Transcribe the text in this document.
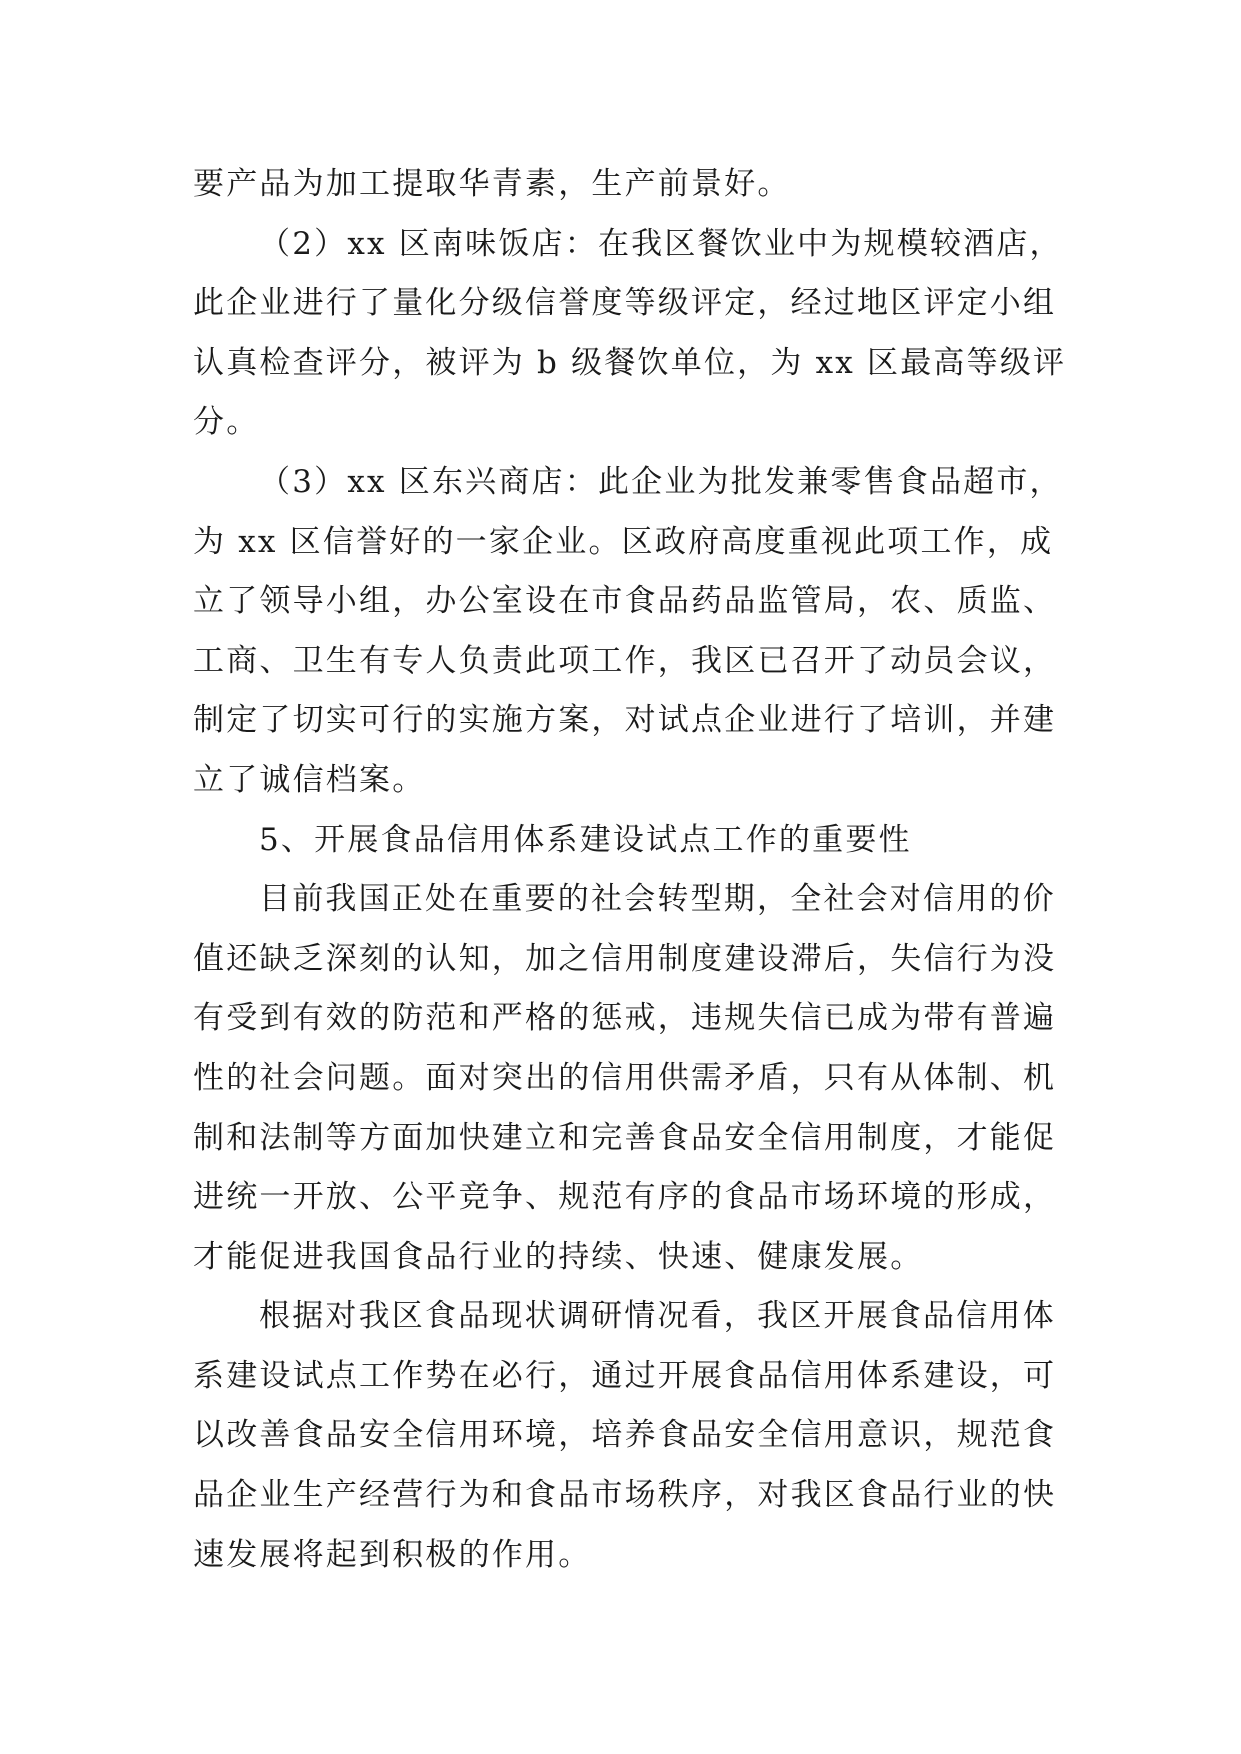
要产品为加工提取华青素，生产前景好。
（2）xx 区南味饭店：在我区餐饮业中为规模较酒店，
此企业进行了量化分级信誉度等级评定，经过地区评定小组
认真检查评分，被评为 b 级餐饮单位，为 xx 区最高等级评
分。
（3）xx 区东兴商店：此企业为批发兼零售食品超市，
为 xx 区信誉好的一家企业。区政府高度重视此项工作，成
立了领导小组，办公室设在市食品药品监管局，农、质监、
工商、卫生有专人负责此项工作，我区已召开了动员会议，
制定了切实可行的实施方案，对试点企业进行了培训，并建
立了诚信档案。
5、开展食品信用体系建设试点工作的重要性
目前我国正处在重要的社会转型期，全社会对信用的价
值还缺乏深刻的认知，加之信用制度建设滞后，失信行为没
有受到有效的防范和严格的惩戒，违规失信已成为带有普遍
性的社会问题。面对突出的信用供需矛盾，只有从体制、机
制和法制等方面加快建立和完善食品安全信用制度，才能促
进统一开放、公平竞争、规范有序的食品市场环境的形成，
才能促进我国食品行业的持续、快速、健康发展。
根据对我区食品现状调研情况看，我区开展食品信用体
系建设试点工作势在必行，通过开展食品信用体系建设，可
以改善食品安全信用环境，培养食品安全信用意识，规范食
品企业生产经营行为和食品市场秩序，对我区食品行业的快
速发展将起到积极的作用。
